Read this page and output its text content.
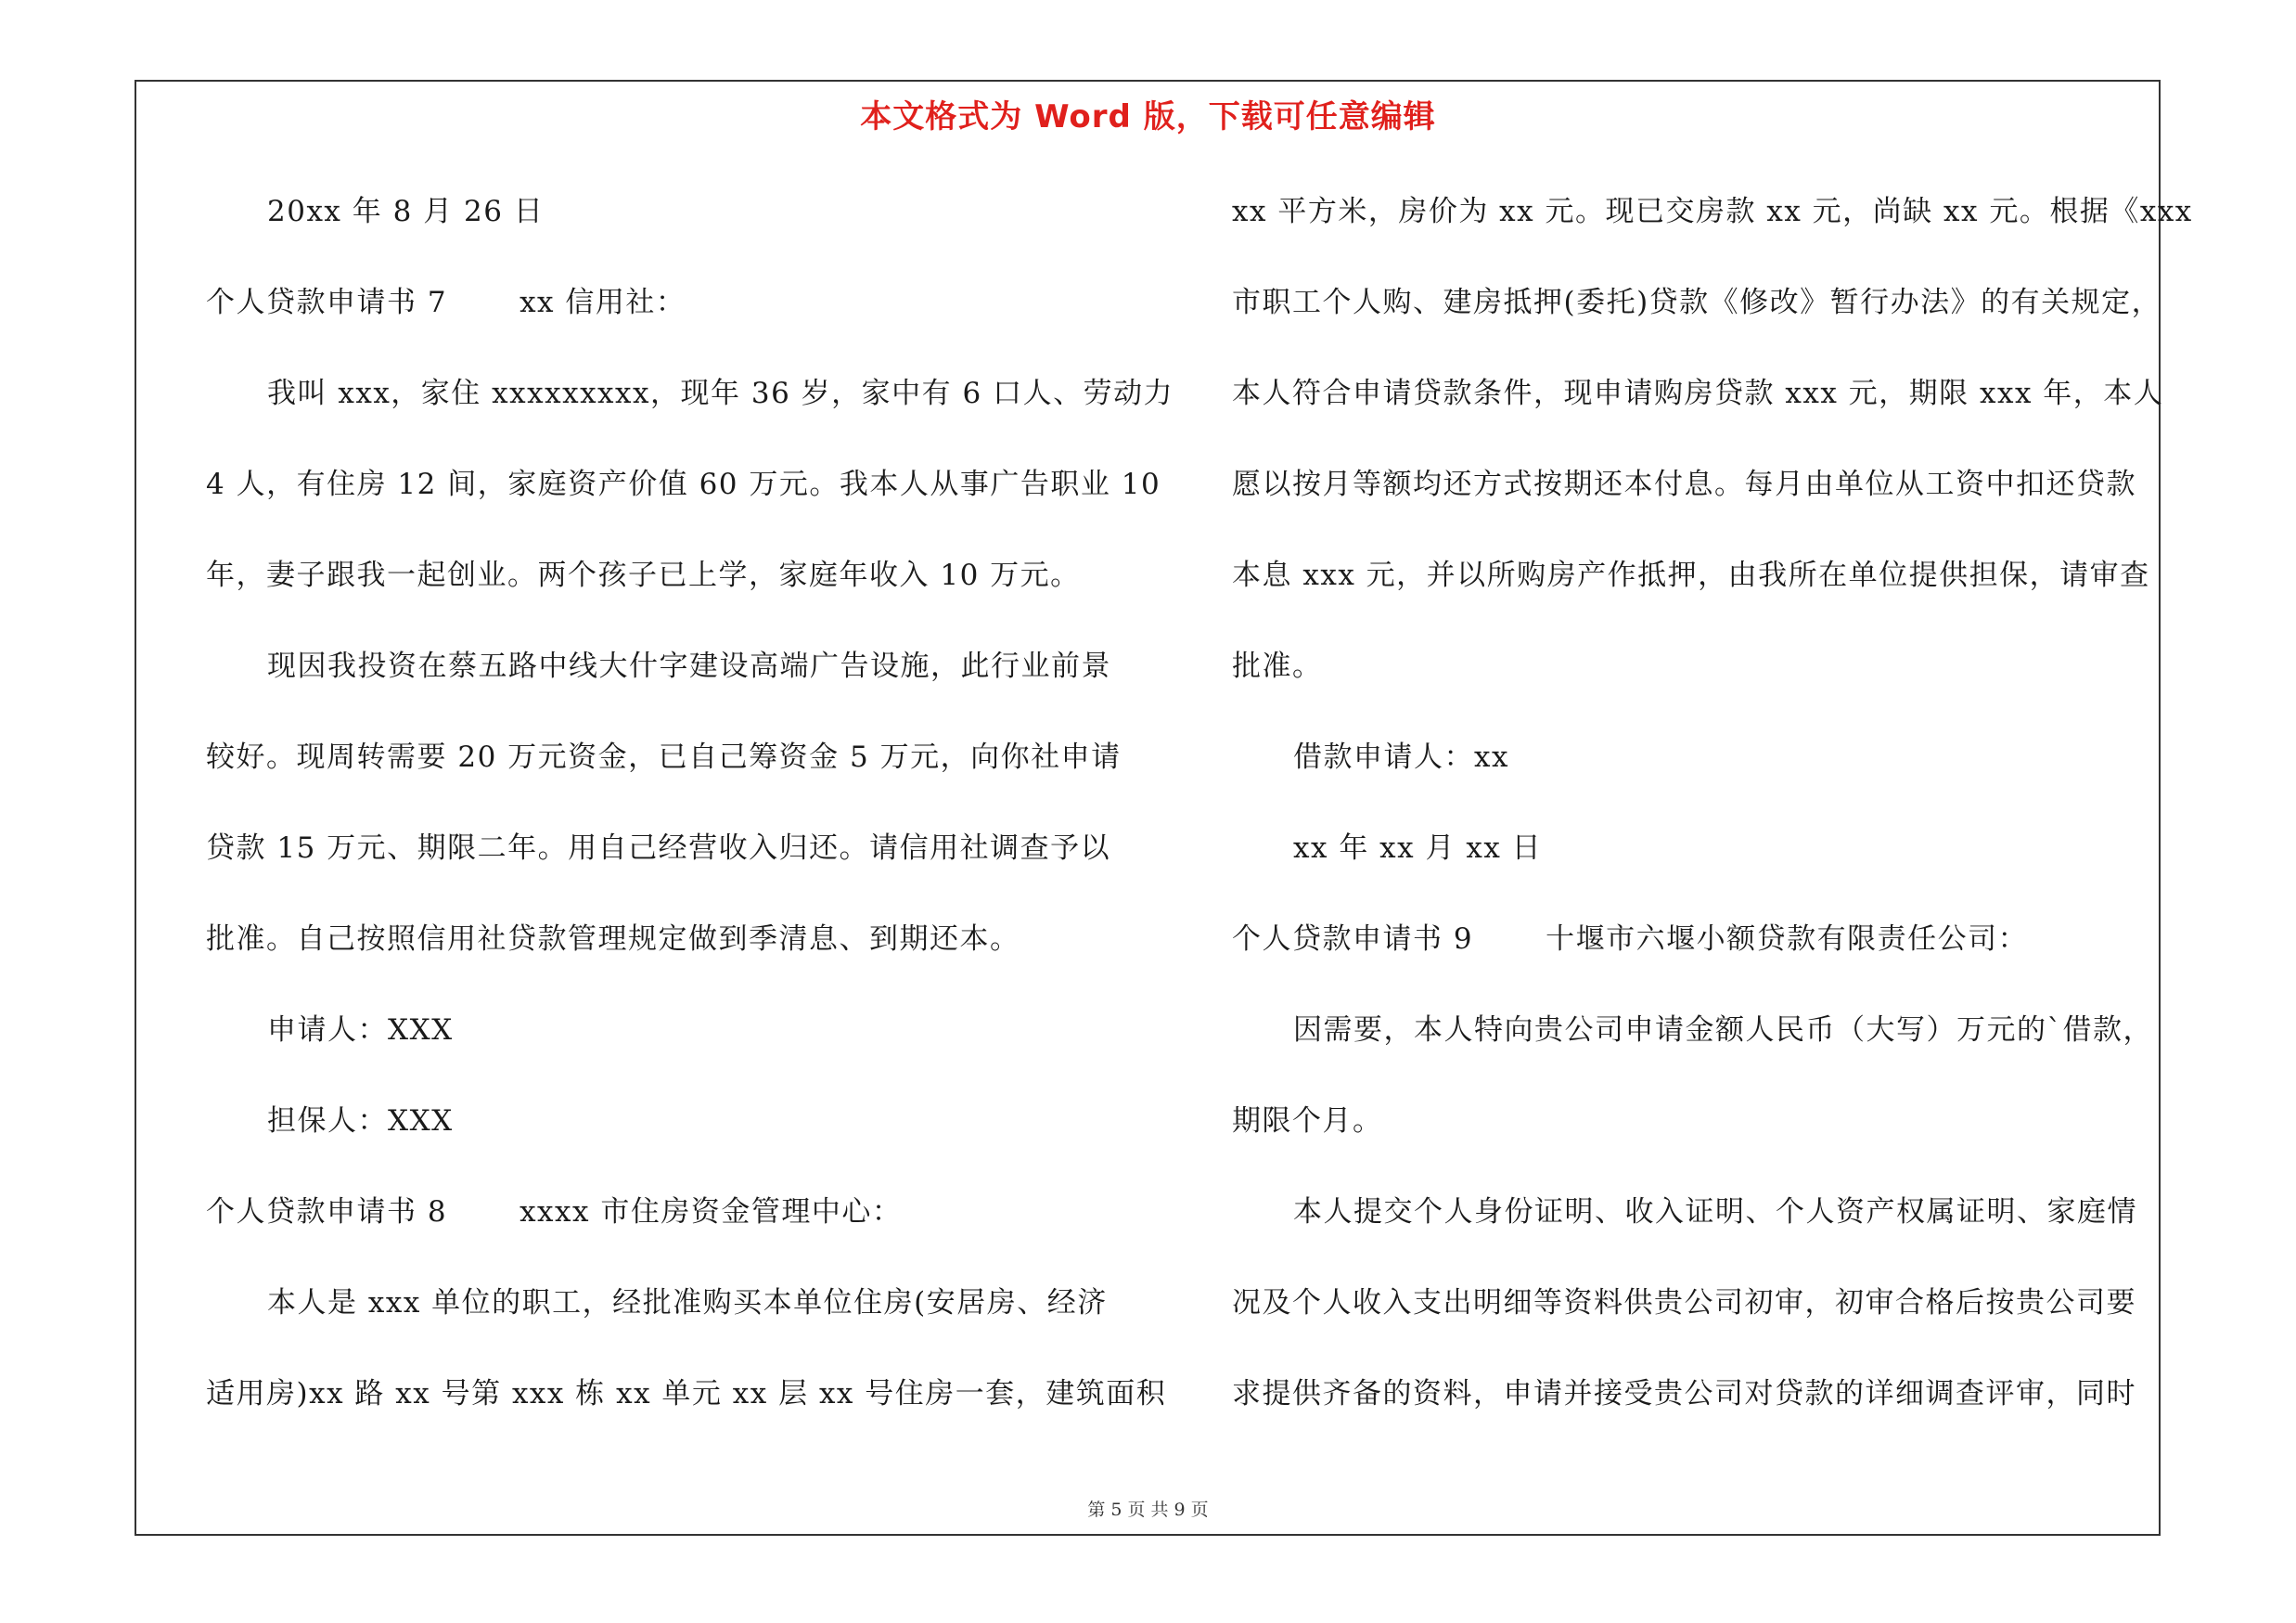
本文格式为 Word 版，下载可任意编辑
20xx 年 8 月 26 日
个人贷款申请书 7	xx 信用社：
我叫 xxx，家住 xxxxxxxxx，现年 36 岁，家中有 6 口人、劳动力
4 人，有住房 12 间，家庭资产价值 60 万元。我本人从事广告职业 10
年，妻子跟我一起创业。两个孩子已上学，家庭年收入 10 万元。
现因我投资在蔡五路中线大什字建设高端广告设施，此行业前景
较好。现周转需要 20 万元资金，已自己筹资金 5 万元，向你社申请
贷款 15 万元、期限二年。用自己经营收入归还。请信用社调查予以
批准。自己按照信用社贷款管理规定做到季清息、到期还本。
申请人：XXX
担保人：XXX
个人贷款申请书 8	xxxx 市住房资金管理中心：
本人是 xxx 单位的职工，经批准购买本单位住房(安居房、经济
适用房)xx 路 xx 号第 xxx 栋 xx 单元 xx 层 xx 号住房一套，建筑面积
xx 平方米，房价为 xx 元。现已交房款 xx 元，尚缺 xx 元。根据《xxx
市职工个人购、建房抵押(委托)贷款《修改》暂行办法》的有关规定，
本人符合申请贷款条件，现申请购房贷款 xxx 元，期限 xxx 年，本人
愿以按月等额均还方式按期还本付息。每月由单位从工资中扣还贷款
本息 xxx 元，并以所购房产作抵押，由我所在单位提供担保，请审查
批准。
借款申请人：xx
xx 年 xx 月 xx 日
个人贷款申请书 9	十堰市六堰小额贷款有限责任公司：
因需要，本人特向贵公司申请金额人民币（大写）万元的`借款，
期限个月。
本人提交个人身份证明、收入证明、个人资产权属证明、家庭情
况及个人收入支出明细等资料供贵公司初审，初审合格后按贵公司要
求提供齐备的资料，申请并接受贵公司对贷款的详细调查评审，同时
第 5 页 共 9 页
